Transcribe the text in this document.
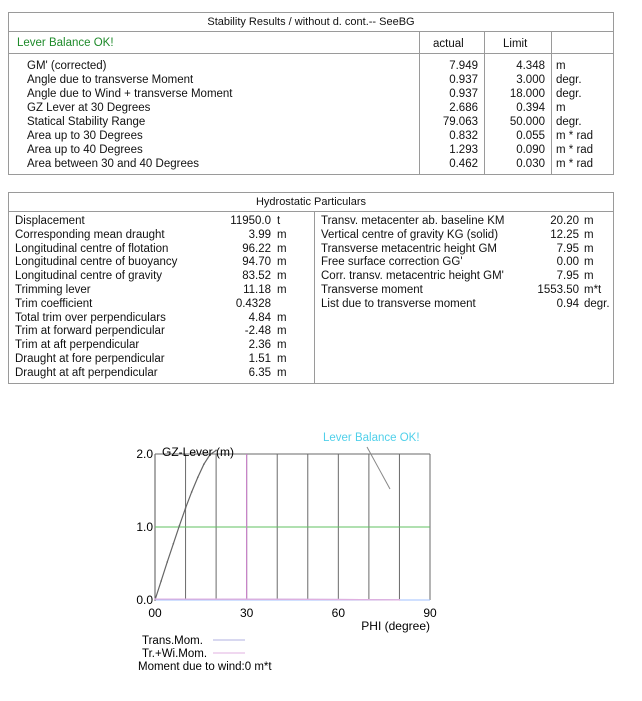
Stability Results / without d. cont.-- SeeBG
Lever Balance OK!	actual	Limit
GM' (corrected)	7.949	4.348 m
Angle due to transverse Moment	0.937	3.000 degr.
Angle due to Wind + transverse Moment	0.937	18.000 degr.
GZ Lever at 30 Degrees	2.686	0.394 m
Statical Stability Range	79.063	50.000 degr.
Area up to 30 Degrees	0.832	0.055 m * rad
Area up to 40 Degrees	1.293	0.090 m * rad
Area between 30 and 40 Degrees	0.462	0.030 m * rad
Hydrostatic Particulars
Displacement	11950.0 t
Corresponding mean draught	3.99 m
Longitudinal centre of flotation	96.22 m
Longitudinal centre of buoyancy	94.70 m
Longitudinal centre of gravity	83.52 m
Trimming lever	11.18 m
Trim coefficient	0.4328
Total trim over perpendiculars	4.84 m
Trim at forward perpendicular	-2.48 m
Trim at aft perpendicular	2.36 m
Draught at fore perpendicular	1.51 m
Draught at aft perpendicular	6.35 m
Transv. metacenter ab. baseline KM	20.20 m
Vertical centre of gravity KG (solid)	12.25 m
Transverse metacentric height GM	7.95 m
Free surface correction GG'	0.00 m
Corr. transv. metacentric height GM'	7.95 m
Transverse moment	1553.50 m*t
List due to transverse moment	0.94 degr.
00	30	60	90
0.0
1.0
2.0 GZ-Lever (m)
PHI (degree)
Lever Balance OK!
Trans.Mom.
Tr.+Wi.Mom.
Moment due to wind:0 m*t
